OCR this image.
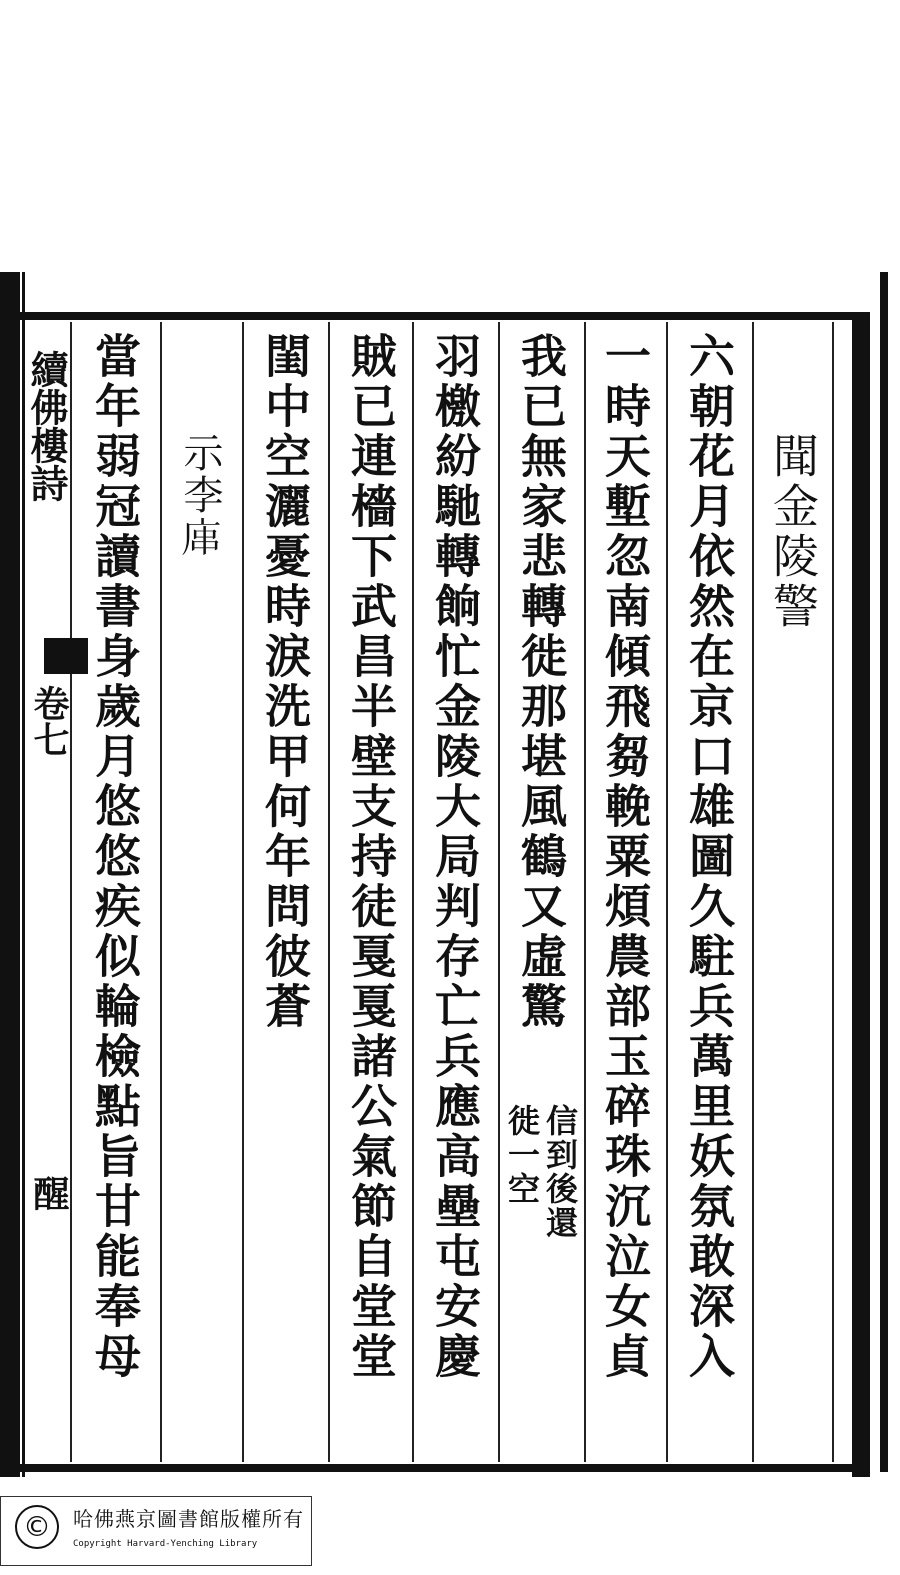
續佛樓詩
卷七
醒
聞金陵警
六朝花月依然在京口雄圖久駐兵萬里妖氛敢深入
一時天塹忽南傾飛芻輓粟煩農部玉碎珠沉泣女貞
我已無家悲轉徙那堪風鶴又虛驚
信到後還
徙一空
羽檄紛馳轉餉忙金陵大局判存亡兵應高壘屯安慶
賊已連檣下武昌半壁支持徒戛戛諸公氣節自堂堂
閨中空灑憂時淚洗甲何年問彼蒼
示李𢈢
當年弱冠讀書身歲月悠悠疾似輪檢點旨甘能奉母
©	哈佛燕京圖書館版權所有
Copyright Harvard-Yenching Library
